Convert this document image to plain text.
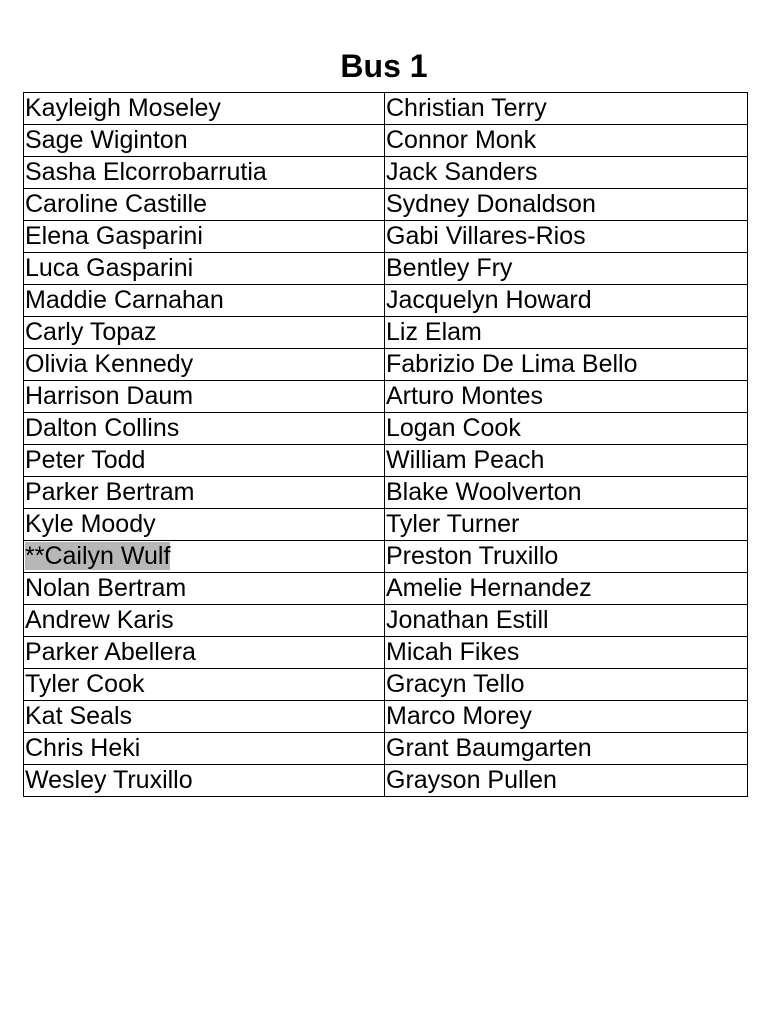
Bus 1
Kayleigh Moseley	Christian Terry
Sage Wiginton	Connor Monk
Sasha Elcorrobarrutia	Jack Sanders
Caroline Castille	Sydney Donaldson
Elena Gasparini	Gabi Villares-Rios
Luca Gasparini	Bentley Fry
Maddie Carnahan	Jacquelyn Howard
Carly Topaz	Liz Elam
Olivia Kennedy	Fabrizio De Lima Bello
Harrison Daum	Arturo Montes
Dalton Collins	Logan Cook
Peter Todd	William Peach
Parker Bertram	Blake Woolverton
Kyle Moody	Tyler Turner
**Cailyn Wulf	Preston Truxillo
Nolan Bertram	Amelie Hernandez
Andrew Karis	Jonathan Estill
Parker Abellera	Micah Fikes
Tyler Cook	Gracyn Tello
Kat Seals	Marco Morey
Chris Heki	Grant Baumgarten
Wesley Truxillo	Grayson Pullen
